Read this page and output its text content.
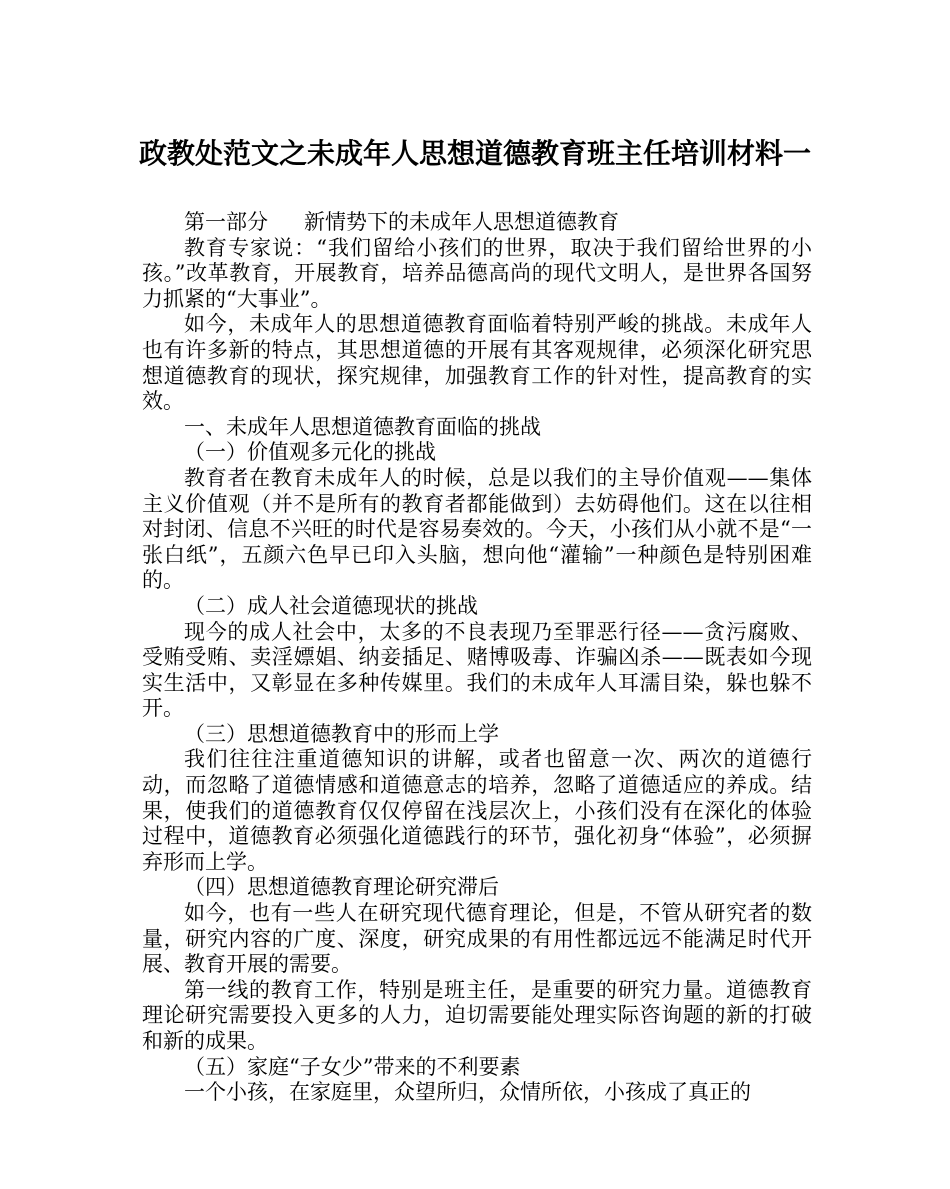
政教处范文之未成年人思想道德教育班主任培训材料一

第一部分 新情势下的未成年人思想道德教育

教育专家说：“我们留给小孩们的世界，取决于我们留给世界的小孩。”改革教育，开展教育，培养品德高尚的现代文明人，是世界各国努力抓紧的“大事业”。

如今，未成年人的思想道德教育面临着特别严峻的挑战。未成年人也有许多新的特点，其思想道德的开展有其客观规律，必须深化研究思想道德教育的现状，探究规律，加强教育工作的针对性，提高教育的实效。

一、未成年人思想道德教育面临的挑战

（一）价值观多元化的挑战

教育者在教育未成年人的时候，总是以我们的主导价值观——集体主义价值观（并不是所有的教育者都能做到）去妨碍他们。这在以往相对封闭、信息不兴旺的时代是容易奏效的。今天，小孩们从小就不是“一张白纸”，五颜六色早已印入头脑，想向他“灌输”一种颜色是特别困难的。

（二）成人社会道德现状的挑战

现今的成人社会中，太多的不良表现乃至罪恶行径——贪污腐败、受贿受贿、卖淫嫖娼、纳妾插足、赌博吸毒、诈骗凶杀——既表如今现实生活中，又彰显在多种传媒里。我们的未成年人耳濡目染，躲也躲不开。

（三）思想道德教育中的形而上学

我们往往注重道德知识的讲解，或者也留意一次、两次的道德行动，而忽略了道德情感和道德意志的培养，忽略了道德适应的养成。结果，使我们的道德教育仅仅停留在浅层次上，小孩们没有在深化的体验过程中，道德教育必须强化道德践行的环节，强化初身“体验”，必须摒弃形而上学。

（四）思想道德教育理论研究滞后

如今，也有一些人在研究现代德育理论，但是，不管从研究者的数量，研究内容的广度、深度，研究成果的有用性都远远不能满足时代开展、教育开展的需要。

第一线的教育工作，特别是班主任，是重要的研究力量。道德教育理论研究需要投入更多的人力，迫切需要能处理实际咨询题的新的打破和新的成果。

（五）家庭“子女少”带来的不利要素

一个小孩，在家庭里，众望所归，众情所依，小孩成了真正的
